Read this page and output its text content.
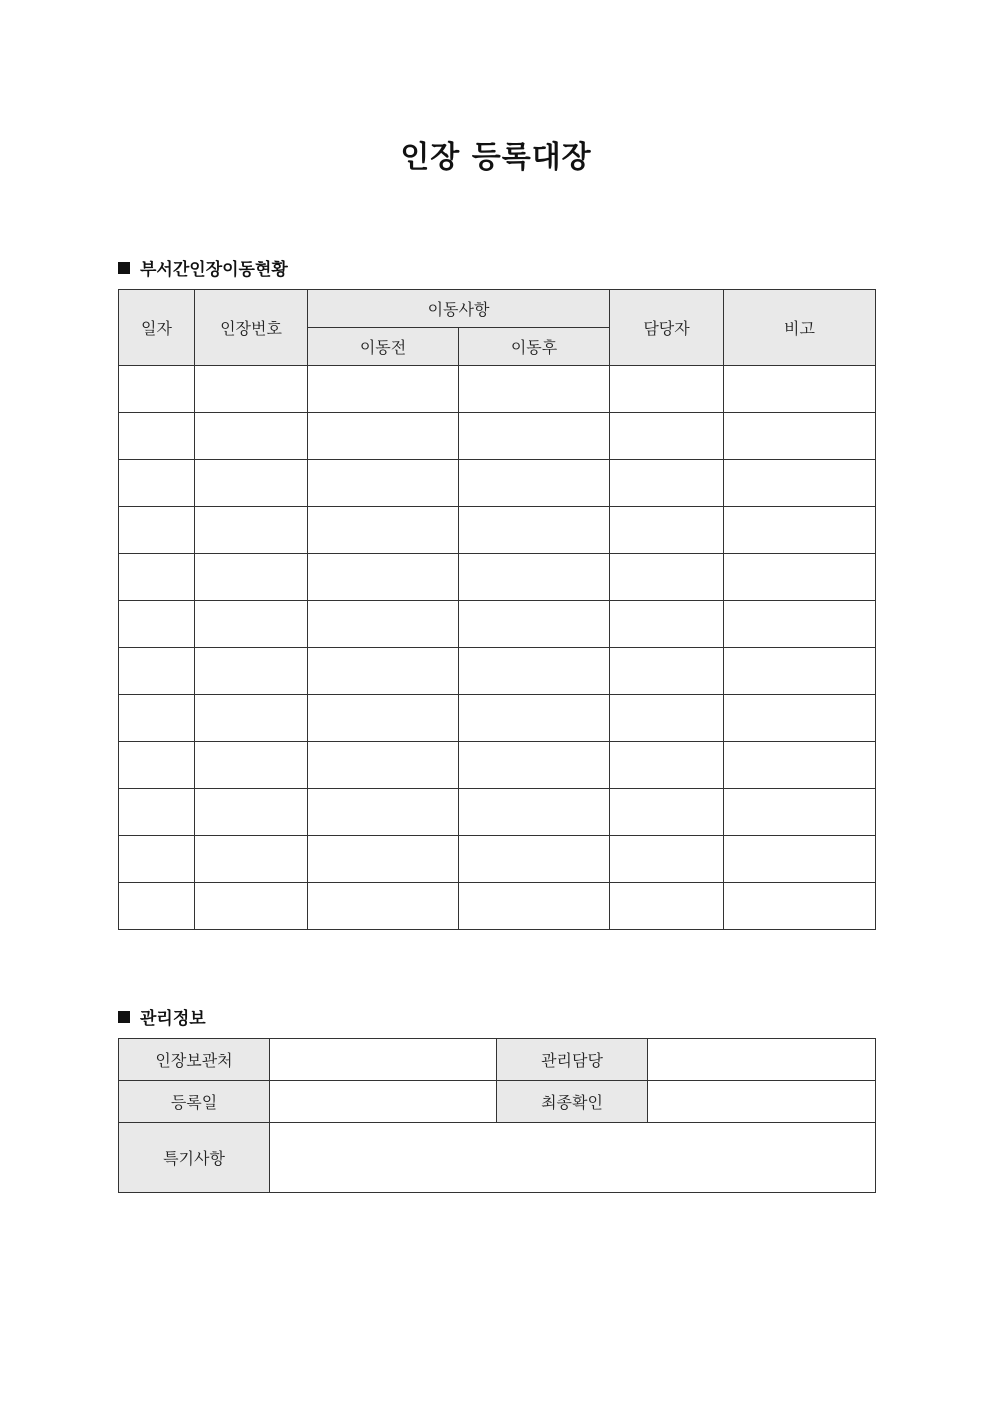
인장 등록대장
부서간인장이동현황
일자	인장번호	이동사항		담당자	비고
		이동전	이동후		

관리정보
인장보관처		관리담당	
등록일		최종확인	
특기사항			
